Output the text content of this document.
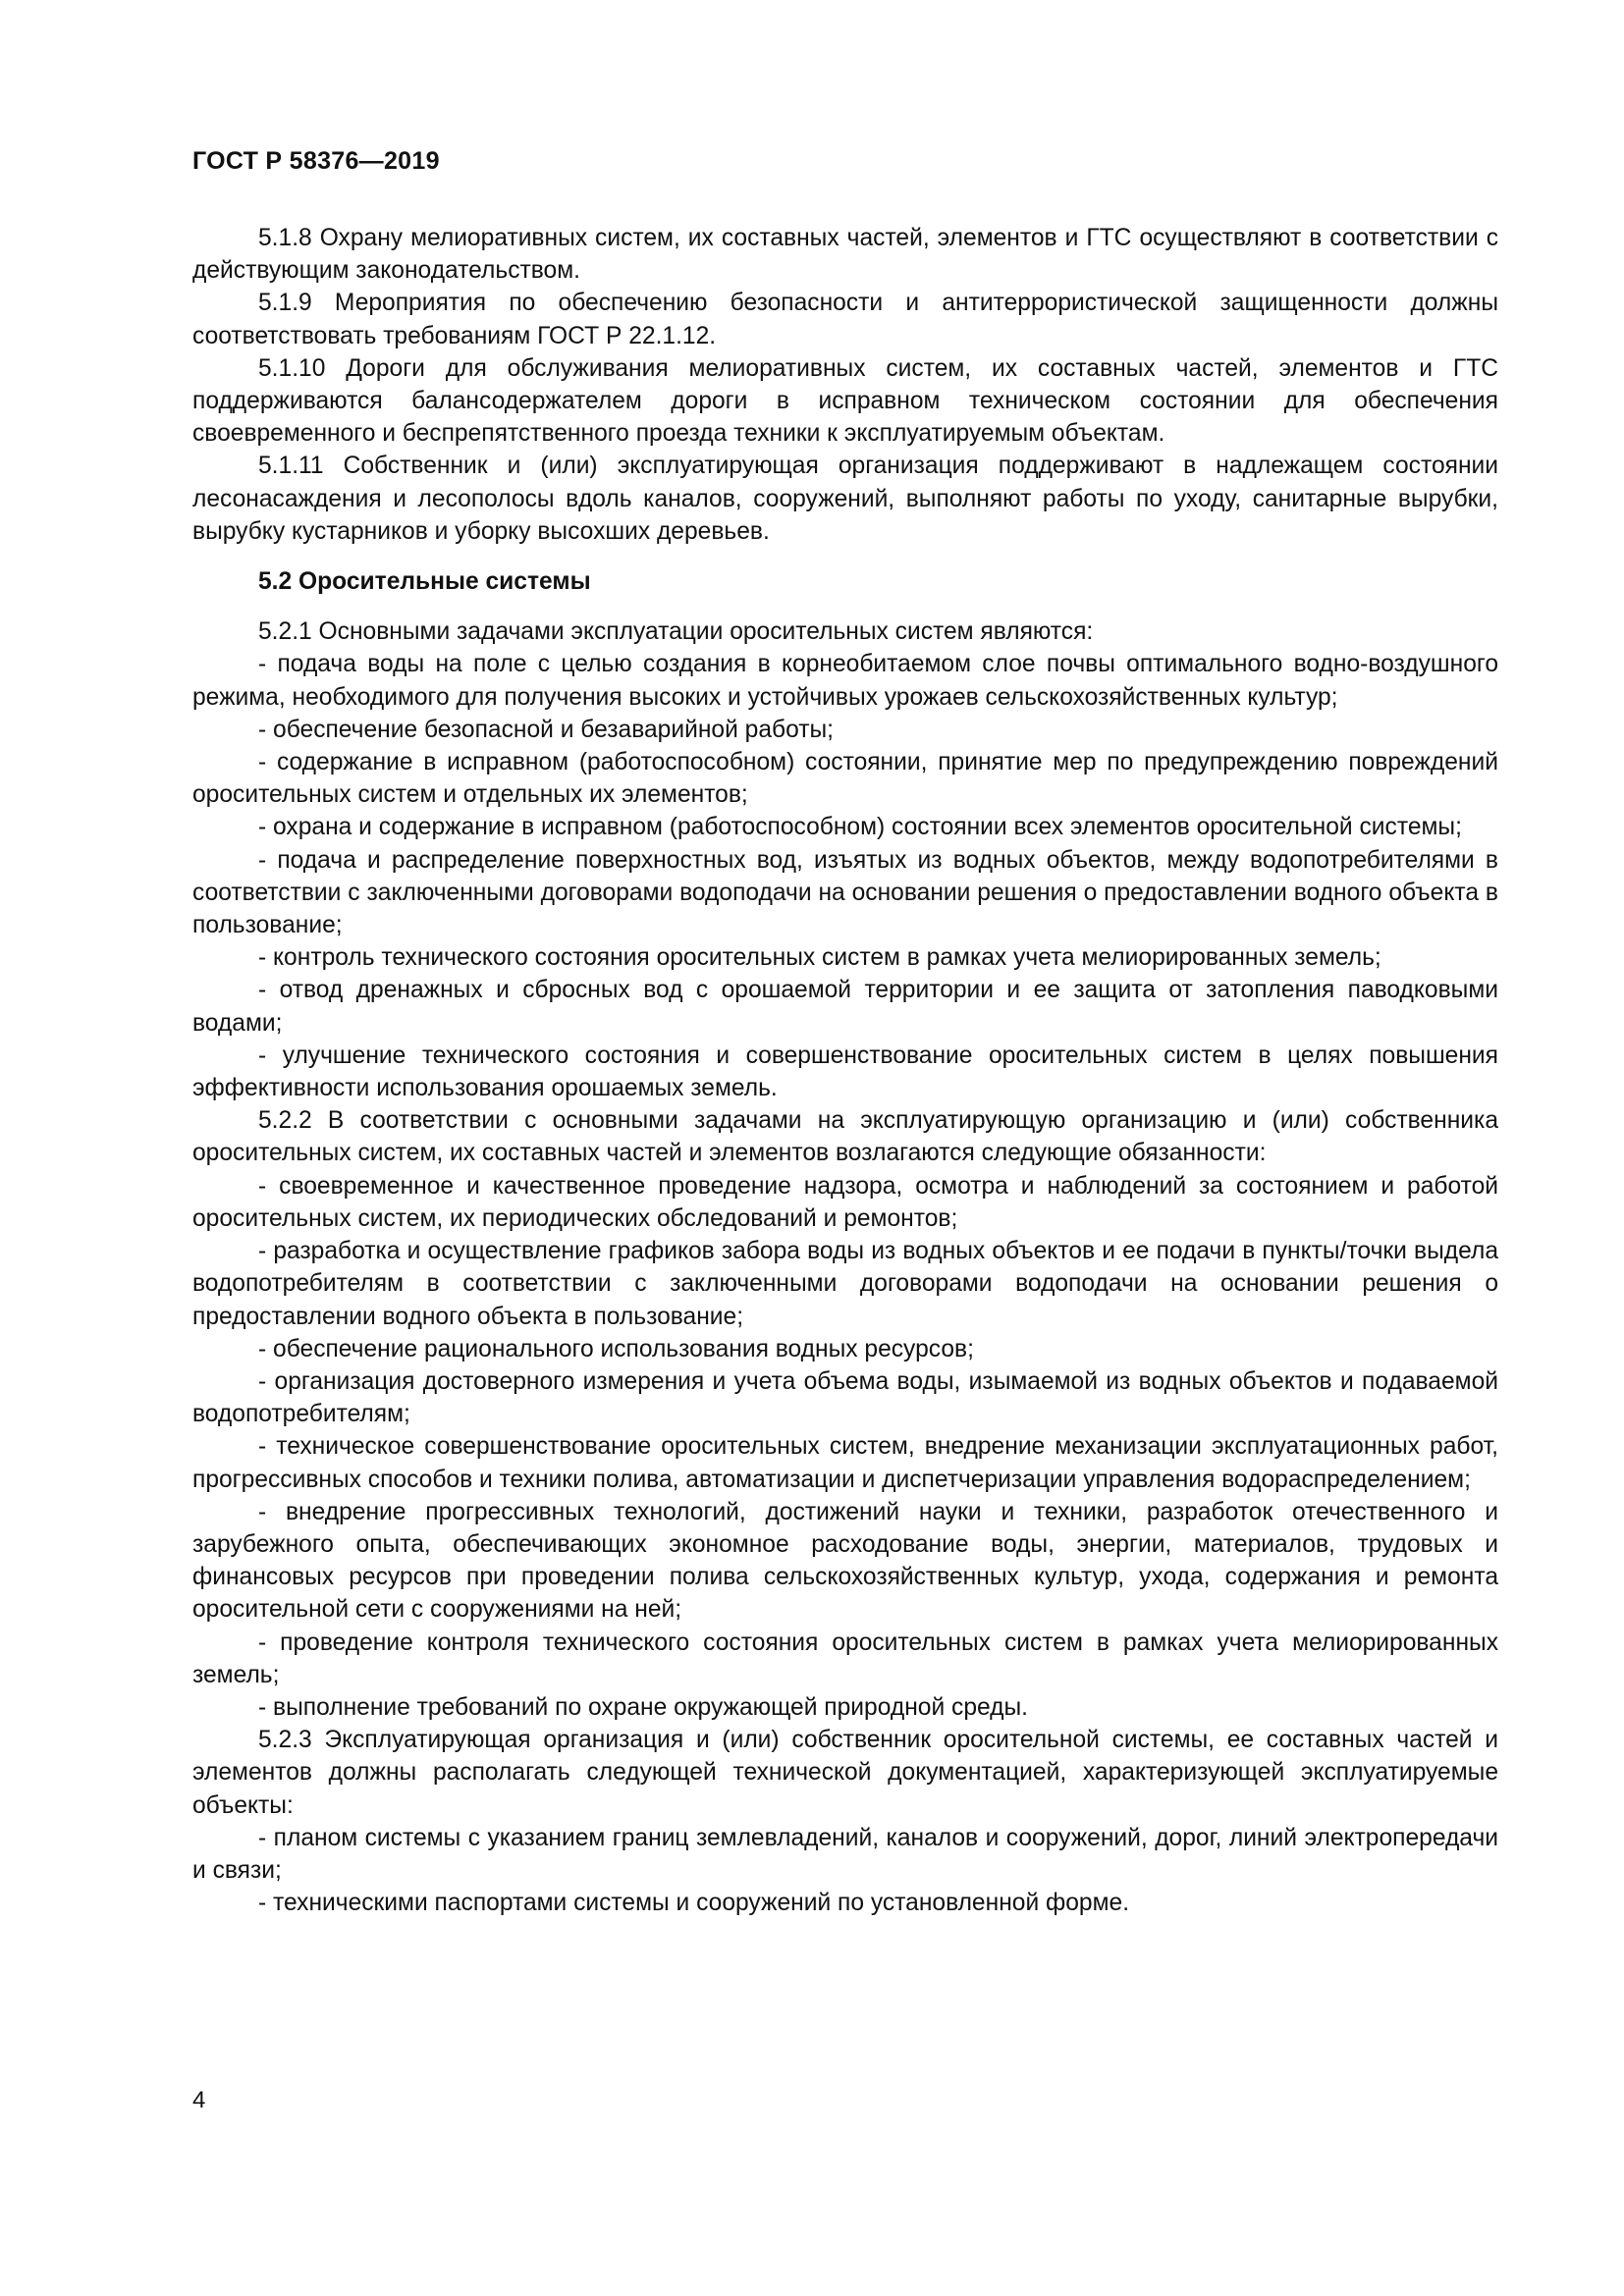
ГОСТ Р 58376—2019

5.1.8 Охрану мелиоративных систем, их составных частей, элементов и ГТС осуществляют в соответствии с действующим законодательством.

5.1.9 Мероприятия по обеспечению безопасности и антитеррористической защищенности должны соответствовать требованиям ГОСТ Р 22.1.12.

5.1.10 Дороги для обслуживания мелиоративных систем, их составных частей, элементов и ГТС поддерживаются балансодержателем дороги в исправном техническом состоянии для обеспечения своевременного и беспрепятственного проезда техники к эксплуатируемым объектам.

5.1.11 Собственник и (или) эксплуатирующая организация поддерживают в надлежащем состоянии лесонасаждения и лесополосы вдоль каналов, сооружений, выполняют работы по уходу, санитарные вырубки, вырубку кустарников и уборку высохших деревьев.

5.2 Оросительные системы

5.2.1 Основными задачами эксплуатации оросительных систем являются:

- подача воды на поле с целью создания в корнеобитаемом слое почвы оптимального водно-воздушного режима, необходимого для получения высоких и устойчивых урожаев сельскохозяйственных культур;

- обеспечение безопасной и безаварийной работы;

- содержание в исправном (работоспособном) состоянии, принятие мер по предупреждению повреждений оросительных систем и отдельных их элементов;

- охрана и содержание в исправном (работоспособном) состоянии всех элементов оросительной системы;

- подача и распределение поверхностных вод, изъятых из водных объектов, между водопотребителями в соответствии с заключенными договорами водоподачи на основании решения о предоставлении водного объекта в пользование;

- контроль технического состояния оросительных систем в рамках учета мелиорированных земель;

- отвод дренажных и сбросных вод с орошаемой территории и ее защита от затопления паводковыми водами;

- улучшение технического состояния и совершенствование оросительных систем в целях повышения эффективности использования орошаемых земель.

5.2.2 В соответствии с основными задачами на эксплуатирующую организацию и (или) собственника оросительных систем, их составных частей и элементов возлагаются следующие обязанности:

- своевременное и качественное проведение надзора, осмотра и наблюдений за состоянием и работой оросительных систем, их периодических обследований и ремонтов;

- разработка и осуществление графиков забора воды из водных объектов и ее подачи в пункты/точки выдела водопотребителям в соответствии с заключенными договорами водоподачи на основании решения о предоставлении водного объекта в пользование;

- обеспечение рационального использования водных ресурсов;

- организация достоверного измерения и учета объема воды, изымаемой из водных объектов и подаваемой водопотребителям;

- техническое совершенствование оросительных систем, внедрение механизации эксплуатационных работ, прогрессивных способов и техники полива, автоматизации и диспетчеризации управления водораспределением;

- внедрение прогрессивных технологий, достижений науки и техники, разработок отечественного и зарубежного опыта, обеспечивающих экономное расходование воды, энергии, материалов, трудовых и финансовых ресурсов при проведении полива сельскохозяйственных культур, ухода, содержания и ремонта оросительной сети с сооружениями на ней;

- проведение контроля технического состояния оросительных систем в рамках учета мелиорированных земель;

- выполнение требований по охране окружающей природной среды.

5.2.3 Эксплуатирующая организация и (или) собственник оросительной системы, ее составных частей и элементов должны располагать следующей технической документацией, характеризующей эксплуатируемые объекты:

- планом системы с указанием границ землевладений, каналов и сооружений, дорог, линий электропередачи и связи;

- техническими паспортами системы и сооружений по установленной форме.

4
